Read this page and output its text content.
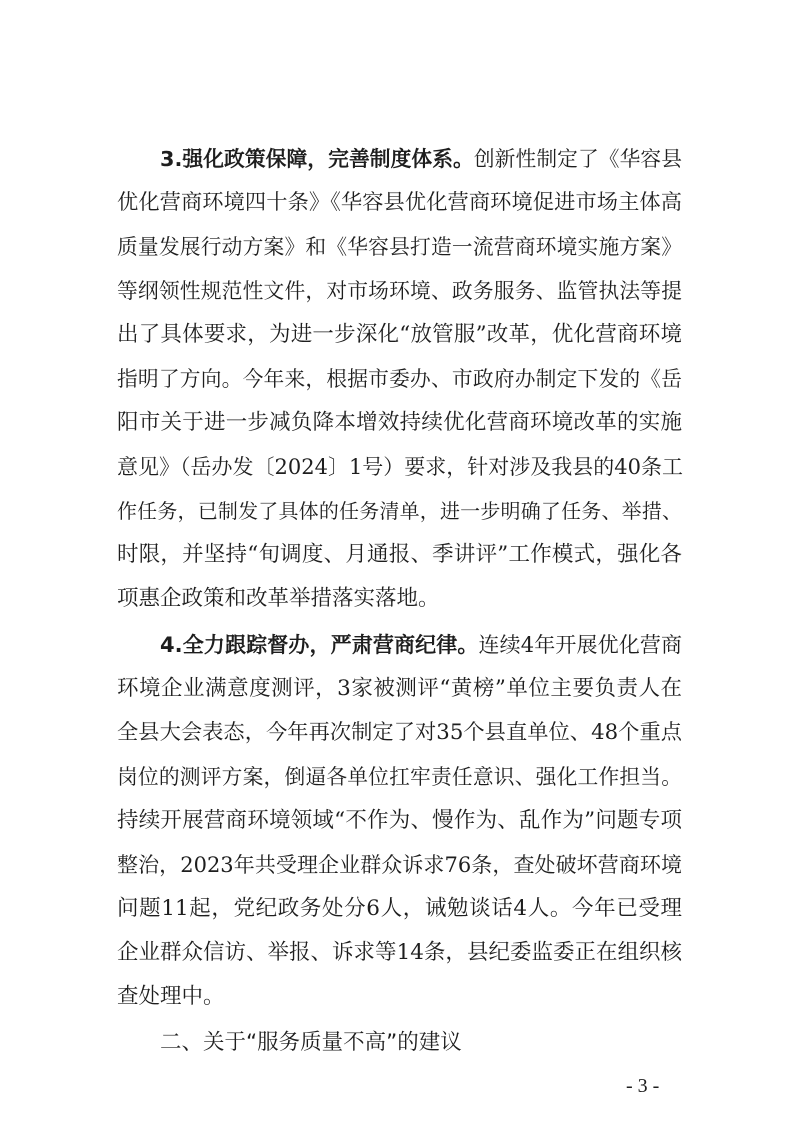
3.强化政策保障，完善制度体系。创新性制定了《华容县
优化营商环境四十条》《华容县优化营商环境促进市场主体高
质量发展行动方案》和《华容县打造一流营商环境实施方案》
等纲领性规范性文件，对市场环境、政务服务、监管执法等提
出了具体要求，为进一步深化“放管服”改革，优化营商环境
指明了方向。今年来，根据市委办、市政府办制定下发的《岳
阳市关于进一步减负降本增效持续优化营商环境改革的实施
意见》（岳办发〔2024〕1号）要求，针对涉及我县的40条工
作任务，已制发了具体的任务清单，进一步明确了任务、举措、
时限，并坚持“旬调度、月通报、季讲评”工作模式，强化各
项惠企政策和改革举措落实落地。
4.全力跟踪督办，严肃营商纪律。连续4年开展优化营商
环境企业满意度测评，3家被测评“黄榜”单位主要负责人在
全县大会表态，今年再次制定了对35个县直单位、48个重点
岗位的测评方案，倒逼各单位扛牢责任意识、强化工作担当。
持续开展营商环境领域“不作为、慢作为、乱作为”问题专项
整治，2023年共受理企业群众诉求76条，查处破坏营商环境
问题11起，党纪政务处分6人，诫勉谈话4人。今年已受理
企业群众信访、举报、诉求等14条，县纪委监委正在组织核
查处理中。
二、关于“服务质量不高”的建议
- 3 -
